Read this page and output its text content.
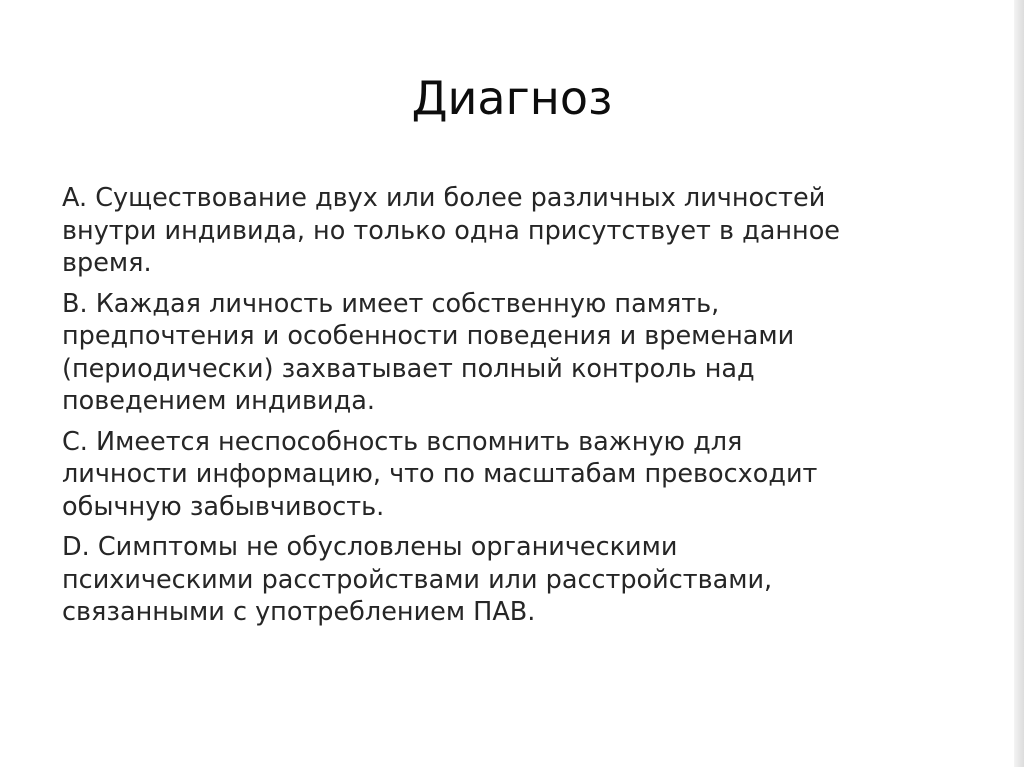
Диагноз
A. Существование двух или более различных личностей
внутри индивида, но только одна присутствует в данное
время.
B. Каждая личность имеет собственную память,
предпочтения и особенности поведения и временами
(периодически) захватывает полный контроль над
поведением индивида.
C. Имеется неспособность вспомнить важную для
личности информацию, что по масштабам превосходит
обычную забывчивость.
D. Симптомы не обусловлены органическими
психическими расстройствами или расстройствами,
связанными с употреблением ПАВ.
